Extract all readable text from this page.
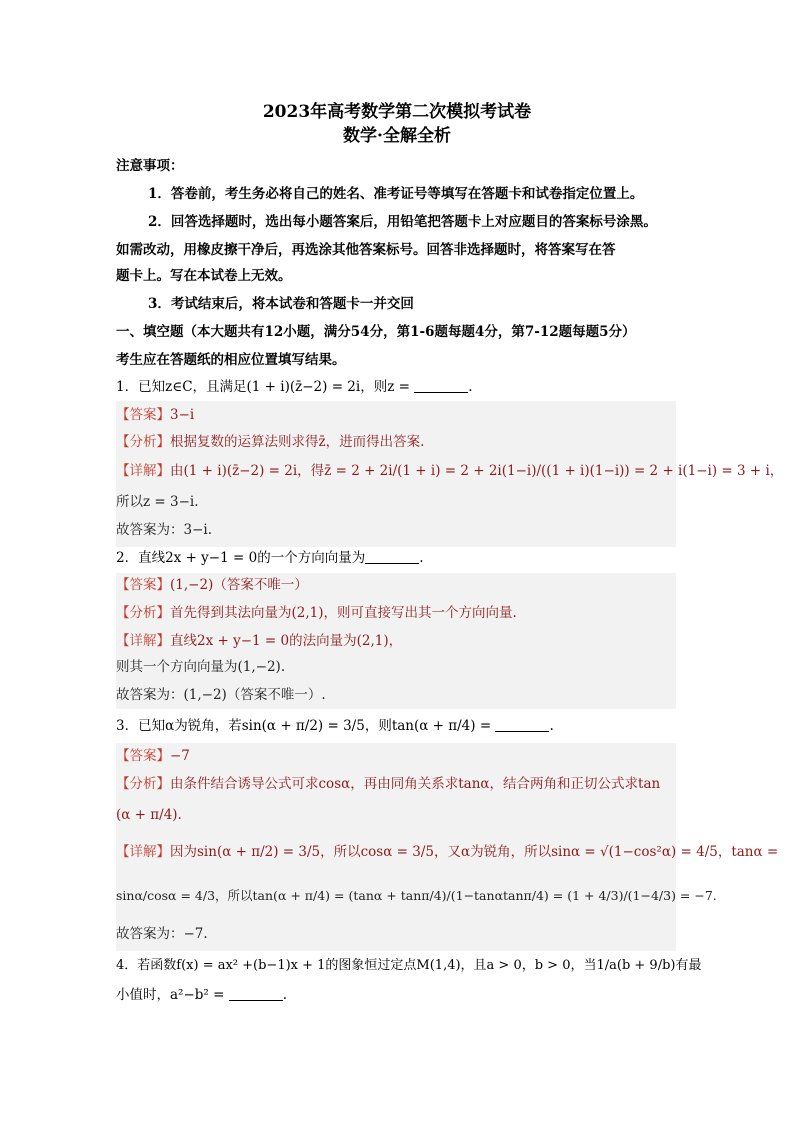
2023年高考数学第二次模拟考试卷
数学·全解全析
注意事项：
1．答卷前，考生务必将自己的姓名、准考证号等填写在答题卡和试卷指定位置上。
2．回答选择题时，选出每小题答案后，用铅笔把答题卡上对应题目的答案标号涂黑。
如需改动，用橡皮擦干净后，再选涂其他答案标号。回答非选择题时，将答案写在答
题卡上。写在本试卷上无效。
3．考试结束后，将本试卷和答题卡一并交回
一、填空题（本大题共有12小题，满分54分，第1-6题每题4分，第7-12题每题5分）
考生应在答题纸的相应位置填写结果。
1．已知z∈C，且满足(1 + i)(z̄−2) = 2i，则z =	.
【答案】3−i
【分析】根据复数的运算法则求得z̄，进而得出答案.
【详解】由(1 + i)(z̄−2) = 2i，得z̄ = 2 + 2i/(1 + i) = 2 + 2i(1−i)/((1 + i)(1−i)) = 2 + i(1−i) = 3 + i，
所以z = 3−i.
故答案为：3−i.
2．直线2x + y−1 = 0的一个方向向量为	.
【答案】(1,−2)（答案不唯一）
【分析】首先得到其法向量为(2,1)，则可直接写出其一个方向向量.
【详解】直线2x + y−1 = 0的法向量为(2,1)，
则其一个方向向量为(1,−2).
故答案为：(1,−2)（答案不唯一）.
3．已知α为锐角，若sin(α + π/2) = 3/5，则tan(α + π/4) =	.
【答案】−7
【分析】由条件结合诱导公式可求cosα，再由同角关系求tanα，结合两角和正切公式求tan
(α + π/4).
【详解】因为sin(α + π/2) = 3/5，所以cosα = 3/5，又α为锐角，所以sinα = √(1−cos²α) = 4/5，tanα =
sinα/cosα = 4/3，所以tan(α + π/4) = (tanα + tanπ/4)/(1−tanαtanπ/4) = (1 + 4/3)/(1−4/3) = −7.
故答案为：−7.
4．若函数f(x) = ax² +(b−1)x + 1的图象恒过定点M(1,4)，且a > 0，b > 0，当1/a(b + 9/b)有最
小值时，a²−b² =	.
